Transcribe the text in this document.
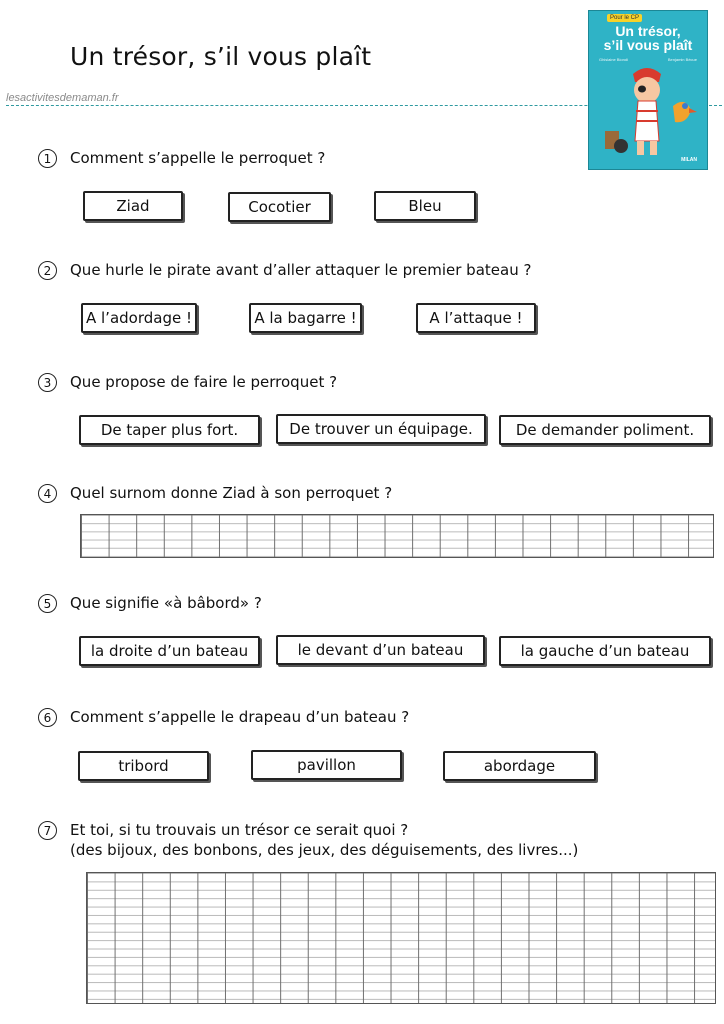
Un trésor, s’il vous plaît
lesactivitesdemaman.fr
Pour le CP
Un trésor,
s’il vous plaît
Ghislaine Biondi	Benjamin Bécue
MILAN
1	Comment s’appelle le perroquet ?
Ziad	Cocotier	Bleu
2	Que hurle le pirate avant d’aller attaquer le premier bateau ?
A l’adordage !	A la bagarre !	A l’attaque !
3	Que propose de faire le perroquet ?
De taper plus fort.	De trouver un équipage.	De demander poliment.
4	Quel surnom donne Ziad à son perroquet ?
5	Que signifie «à bâbord» ?
la droite d’un bateau	le devant d’un bateau	la gauche d’un bateau
6	Comment s’appelle le drapeau d’un bateau ?
tribord	pavillon	abordage
7	Et toi, si tu trouvais un trésor ce serait quoi ?
(des bijoux, des bonbons, des jeux, des déguisements, des livres...)
